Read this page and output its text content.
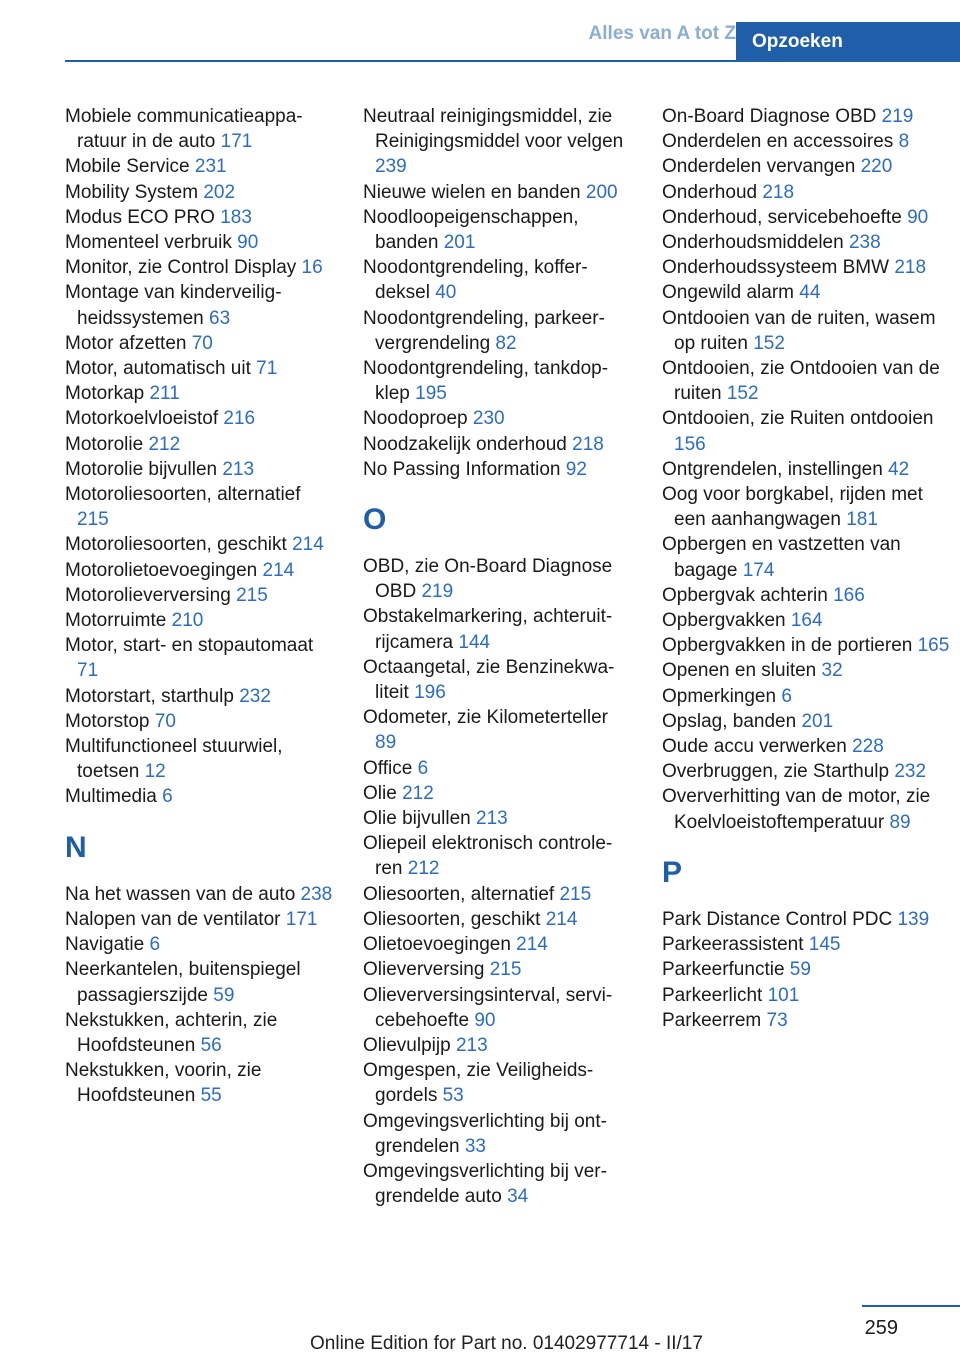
Alles van A tot Z Opzoeken
Mobiele communicatieapparatuur in de auto 171
Mobile Service 231
Mobility System 202
Modus ECO PRO 183
Momenteel verbruik 90
Monitor, zie Control Display 16
Montage van kinderveiligheidssystemen 63
Motor afzetten 70
Motor, automatisch uit 71
Motorkap 211
Motorkoelvloeistof 216
Motorolie 212
Motorolie bijvullen 213
Motoroliesoorten, alternatief 215
Motoroliesoorten, geschikt 214
Motorolietoevoegingen 214
Motorolieverversing 215
Motorruimte 210
Motor, start- en stopautomaat 71
Motorstart, starthulp 232
Motorstop 70
Multifunctioneel stuurwiel, toetsen 12
Multimedia 6
N
Na het wassen van de auto 238
Nalopen van de ventilator 171
Navigatie 6
Neerkantelen, buitenspiegel passagierszijde 59
Nekstukken, achterin, zie Hoofdsteunen 56
Nekstukken, voorin, zie Hoofdsteunen 55
Neutraal reinigingsmiddel, zie Reinigingsmiddel voor velgen 239
Nieuwe wielen en banden 200
Noodloopeigenschappen, banden 201
Noodontgrendeling, kofferdeksel 40
Noodontgrendeling, parkeervergrendeling 82
Noodontgrendeling, tankdopklep 195
Noodoproep 230
Noodzakelijk onderhoud 218
No Passing Information 92
O
OBD, zie On-Board Diagnose OBD 219
Obstakelmarkering, achteruitrijcamera 144
Octaangetal, zie Benzinekwaliteit 196
Odometer, zie Kilometerteller 89
Office 6
Olie 212
Olie bijvullen 213
Oliepeil elektronisch controleren 212
Oliesoorten, alternatief 215
Oliesoorten, geschikt 214
Olietoevoegingen 214
Olieverversing 215
Olieverversingsinterval, servicebehoefte 90
Olievulpijp 213
Omgespen, zie Veiligheidsgordels 53
Omgevingsverlichting bij ontgrendelen 33
Omgevingsverlichting bij vergrendelde auto 34
On-Board Diagnose OBD 219
Onderdelen en accessoires 8
Onderdelen vervangen 220
Onderhoud 218
Onderhoud, servicebehoefte 90
Onderhoudsmiddelen 238
Onderhoudssysteem BMW 218
Ongewild alarm 44
Ontdooien van de ruiten, wasem op ruiten 152
Ontdooien, zie Ontdooien van de ruiten 152
Ontdooien, zie Ruiten ontdooien 156
Ontgrendelen, instellingen 42
Oog voor borgkabel, rijden met een aanhangwagen 181
Opbergen en vastzetten van bagage 174
Opbergvak achterin 166
Opbergvakken 164
Opbergvakken in de portieren 165
Openen en sluiten 32
Opmerkingen 6
Opslag, banden 201
Oude accu verwerken 228
Overbruggen, zie Starthulp 232
Oververhitting van de motor, zie Koelvloeistoftemperatuur 89
P
Park Distance Control PDC 139
Parkeerassistent 145
Parkeerfunctie 59
Parkeerlicht 101
Parkeerrem 73
259
Online Edition for Part no. 01402977714 - II/17
